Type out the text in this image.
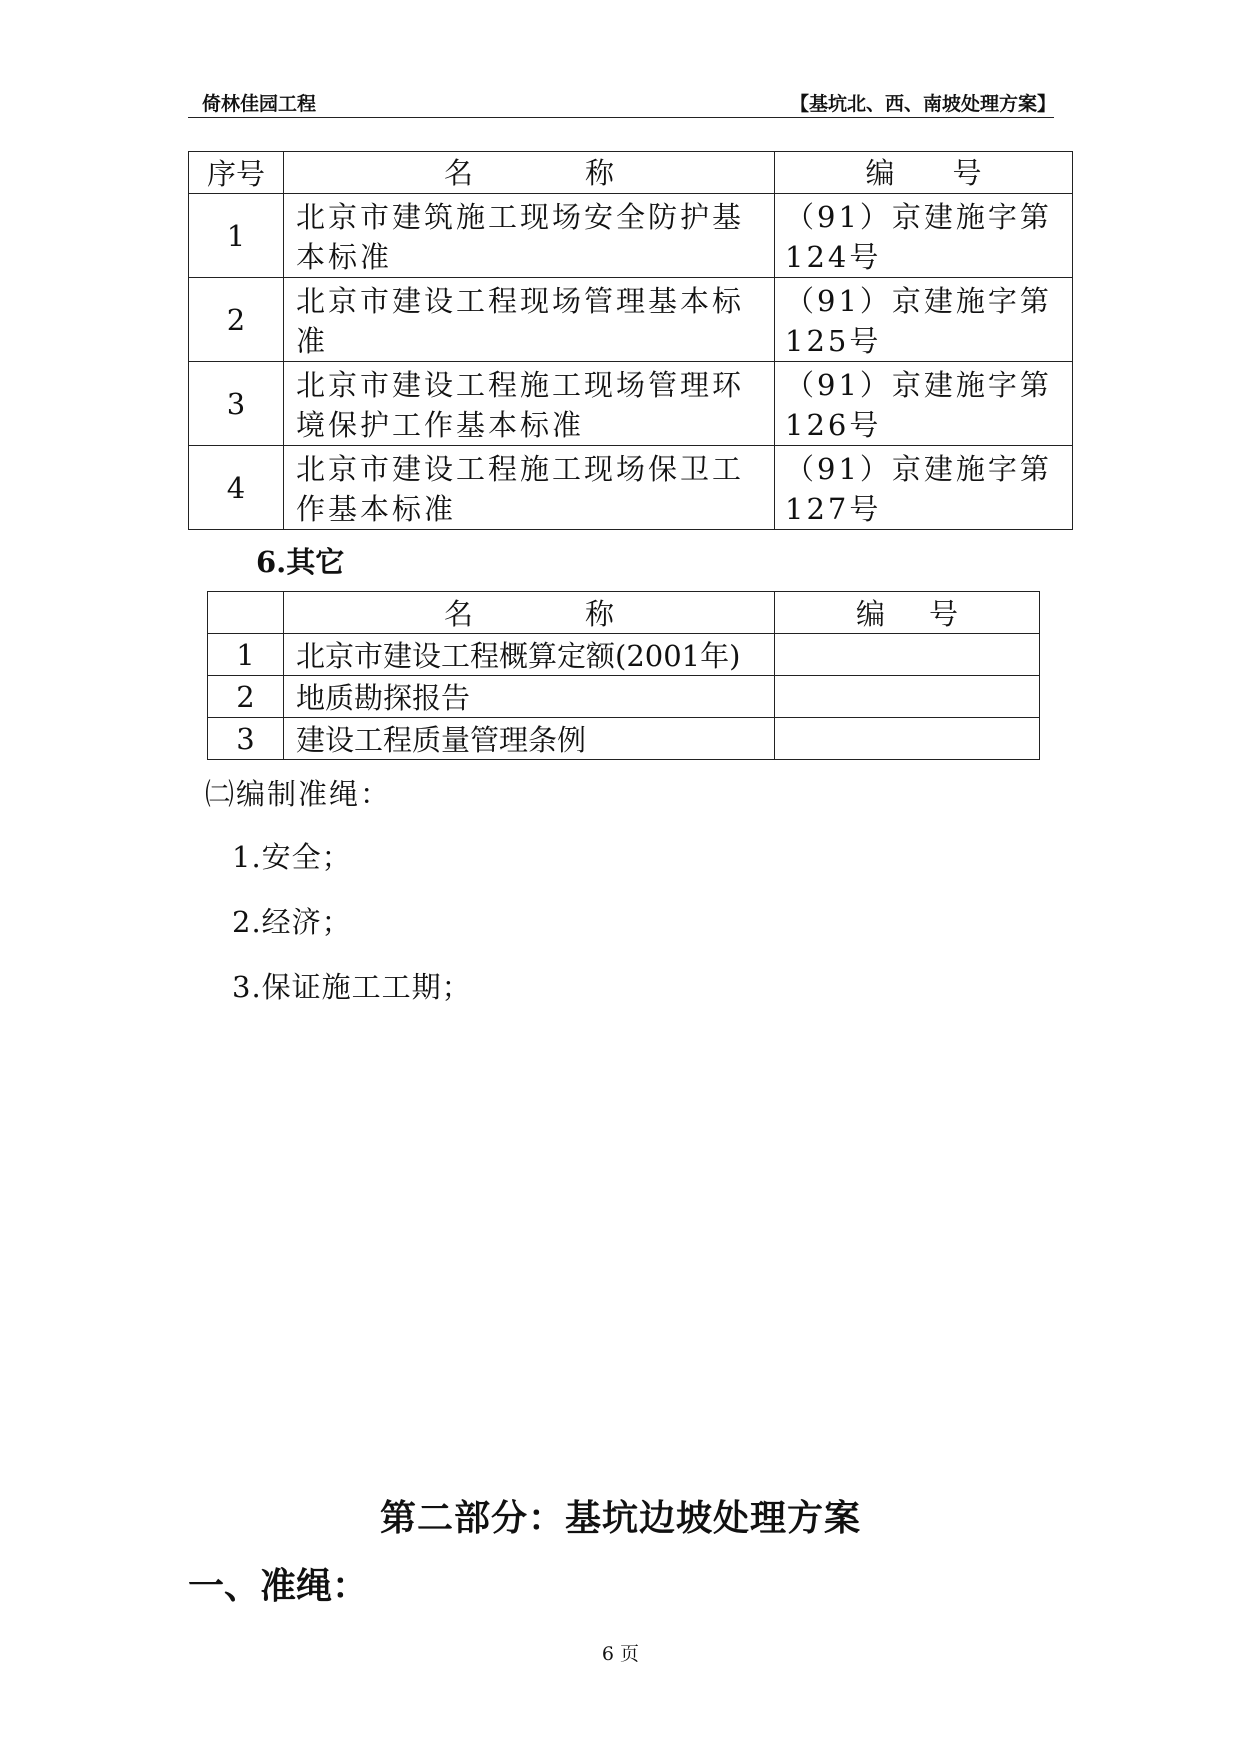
倚林佳园工程	【基坑北、西、南坡处理方案】
序号	名 称	编 号
1	北京市建筑施工现场安全防护基本标准	（91）京建施字第124号
2	北京市建设工程现场管理基本标准	（91）京建施字第125号
3	北京市建设工程施工现场管理环境保护工作基本标准	（91）京建施字第126号
4	北京市建设工程施工现场保卫工作基本标准	（91）京建施字第127号
6.其它
	名 称	编 号
1	北京市建设工程概算定额(2001年)	
2	地质勘探报告	
3	建设工程质量管理条例	
㈡编制准绳：
1.安全；
2.经济；
3.保证施工工期；
第二部分：基坑边坡处理方案
一、准绳：
6 页
